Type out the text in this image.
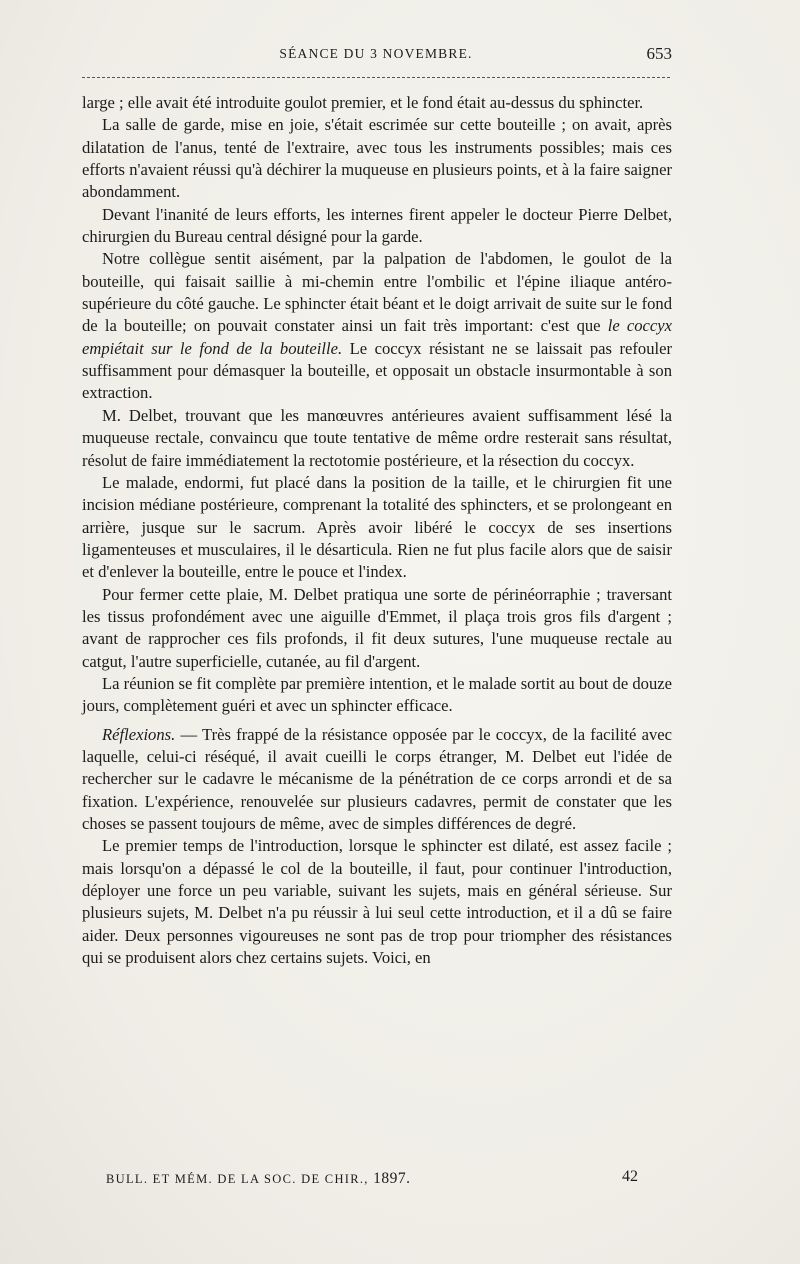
SÉANCE DU 3 NOVEMBRE.	653

large ; elle avait été introduite goulot premier, et le fond était au-dessus du sphincter.

La salle de garde, mise en joie, s'était escrimée sur cette bouteille ; on avait, après dilatation de l'anus, tenté de l'extraire, avec tous les instruments possibles; mais ces efforts n'avaient réussi qu'à déchirer la muqueuse en plusieurs points, et à la faire saigner abondamment.

Devant l'inanité de leurs efforts, les internes firent appeler le docteur Pierre Delbet, chirurgien du Bureau central désigné pour la garde.

Notre collègue sentit aisément, par la palpation de l'abdomen, le goulot de la bouteille, qui faisait saillie à mi-chemin entre l'ombilic et l'épine iliaque antéro-supérieure du côté gauche. Le sphincter était béant et le doigt arrivait de suite sur le fond de la bouteille; on pouvait constater ainsi un fait très important: c'est que le coccyx empiétait sur le fond de la bouteille. Le coccyx résistant ne se laissait pas refouler suffisamment pour démasquer la bouteille, et opposait un obstacle insurmontable à son extraction.

M. Delbet, trouvant que les manœuvres antérieures avaient suffisamment lésé la muqueuse rectale, convaincu que toute tentative de même ordre resterait sans résultat, résolut de faire immédiatement la rectotomie postérieure, et la résection du coccyx.

Le malade, endormi, fut placé dans la position de la taille, et le chirurgien fit une incision médiane postérieure, comprenant la totalité des sphincters, et se prolongeant en arrière, jusque sur le sacrum. Après avoir libéré le coccyx de ses insertions ligamenteuses et musculaires, il le désarticula. Rien ne fut plus facile alors que de saisir et d'enlever la bouteille, entre le pouce et l'index.

Pour fermer cette plaie, M. Delbet pratiqua une sorte de périnéorraphie ; traversant les tissus profondément avec une aiguille d'Emmet, il plaça trois gros fils d'argent ; avant de rapprocher ces fils profonds, il fit deux sutures, l'une muqueuse rectale au catgut, l'autre superficielle, cutanée, au fil d'argent.

La réunion se fit complète par première intention, et le malade sortit au bout de douze jours, complètement guéri et avec un sphincter efficace.

Réflexions. — Très frappé de la résistance opposée par le coccyx, de la facilité avec laquelle, celui-ci réséqué, il avait cueilli le corps étranger, M. Delbet eut l'idée de rechercher sur le cadavre le mécanisme de la pénétration de ce corps arrondi et de sa fixation. L'expérience, renouvelée sur plusieurs cadavres, permit de constater que les choses se passent toujours de même, avec de simples différences de degré.

Le premier temps de l'introduction, lorsque le sphincter est dilaté, est assez facile ; mais lorsqu'on a dépassé le col de la bouteille, il faut, pour continuer l'introduction, déployer une force un peu variable, suivant les sujets, mais en général sérieuse. Sur plusieurs sujets, M. Delbet n'a pu réussir à lui seul cette introduction, et il a dû se faire aider. Deux personnes vigoureuses ne sont pas de trop pour triompher des résistances qui se produisent alors chez certains sujets. Voici, en

BULL. ET MÉM. DE LA SOC. DE CHIR., 1897.	42
